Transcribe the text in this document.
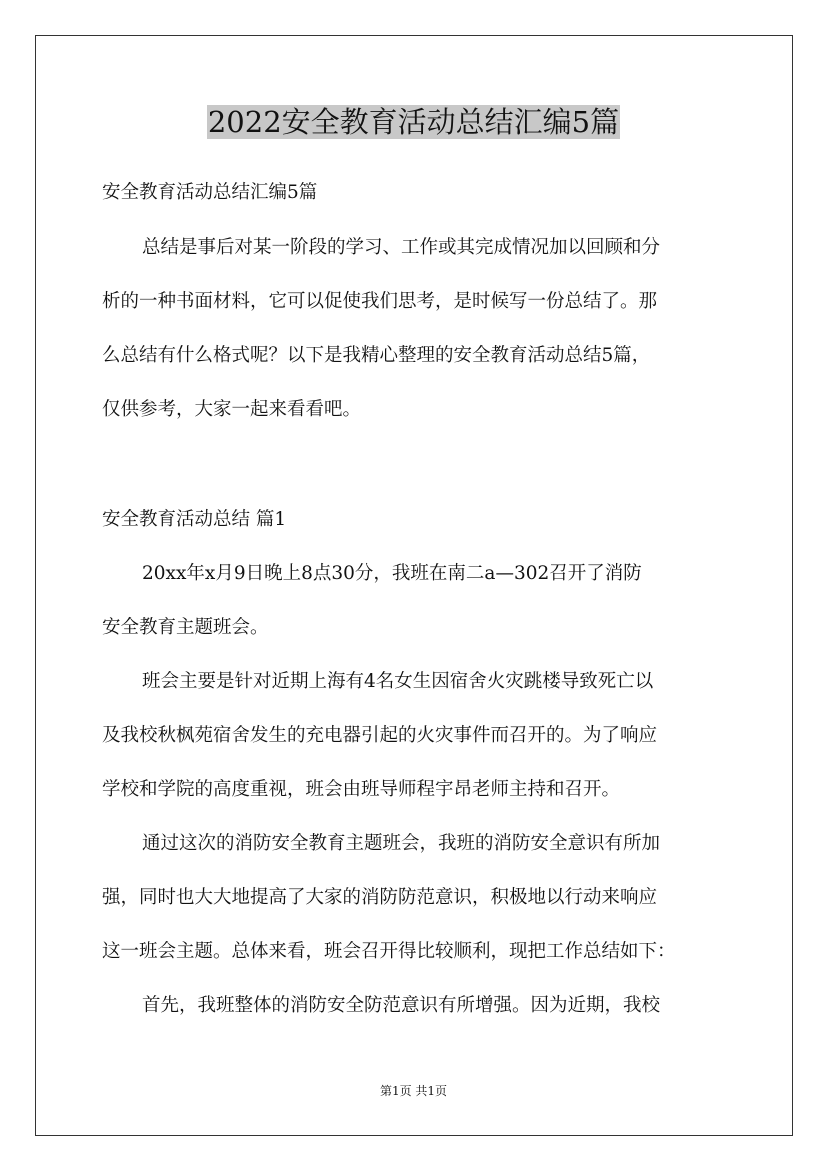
2022安全教育活动总结汇编5篇

安全教育活动总结汇编5篇

总结是事后对某一阶段的学习、工作或其完成情况加以回顾和分

析的一种书面材料，它可以促使我们思考，是时候写一份总结了。那

么总结有什么格式呢？以下是我精心整理的安全教育活动总结5篇，

仅供参考，大家一起来看看吧。

安全教育活动总结 篇1

20xx年x月9日晚上8点30分，我班在南二a—302召开了消防

安全教育主题班会。

班会主要是针对近期上海有4名女生因宿舍火灾跳楼导致死亡以

及我校秋枫苑宿舍发生的充电器引起的火灾事件而召开的。为了响应

学校和学院的高度重视，班会由班导师程宇昂老师主持和召开。

通过这次的消防安全教育主题班会，我班的消防安全意识有所加

强，同时也大大地提高了大家的消防防范意识，积极地以行动来响应

这一班会主题。总体来看，班会召开得比较顺利，现把工作总结如下：

首先，我班整体的消防安全防范意识有所增强。因为近期，我校

第1页 共1页
